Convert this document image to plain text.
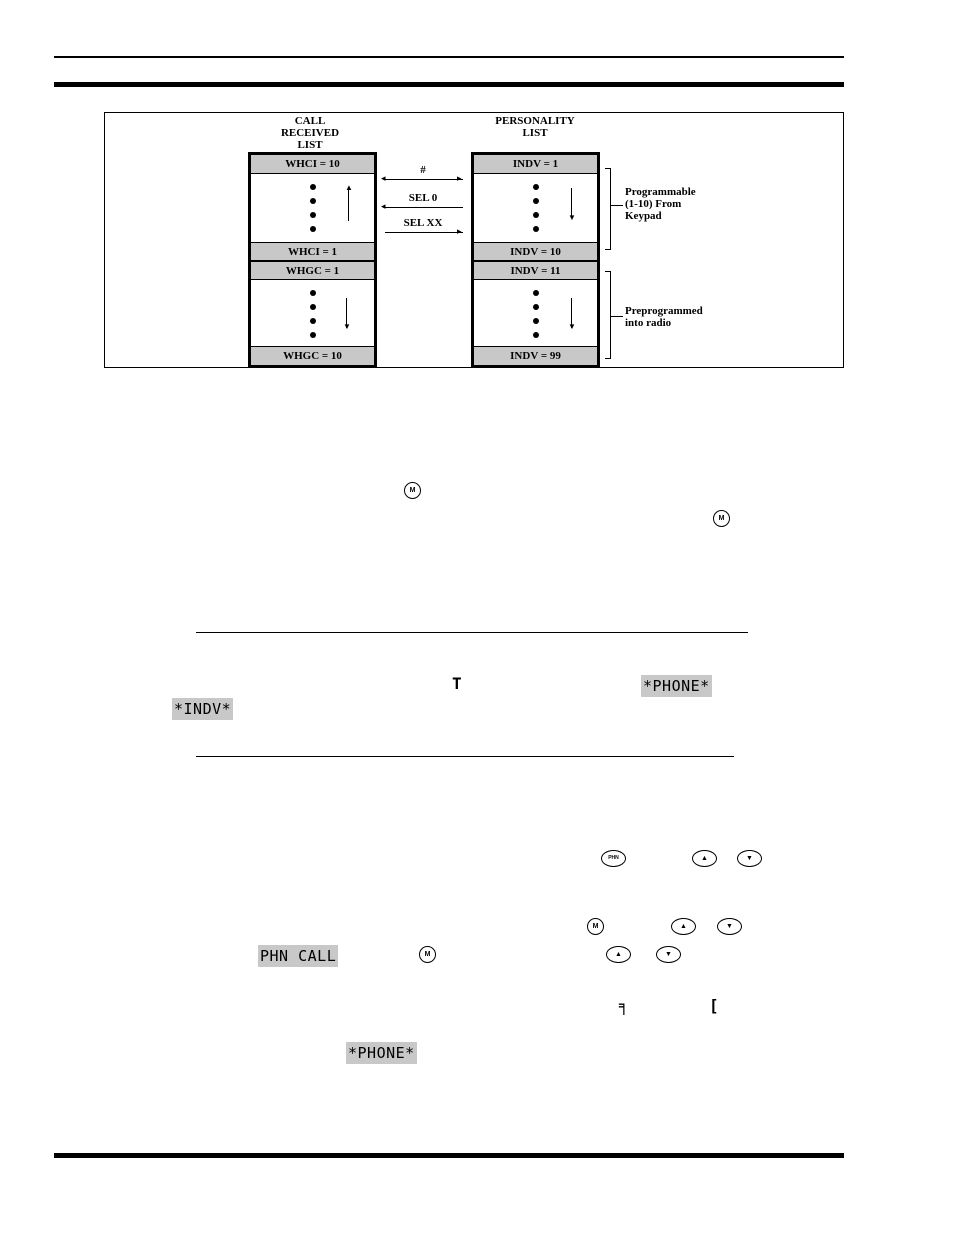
CALL
RECEIVED
LIST
PERSONALITY
LIST
WHCI = 10
▲
WHCI = 1
WHGC = 1
▼
WHGC = 10
#
◂	▸
SEL 0
◂
SEL XX
▸
INDV = 1
▼
INDV = 10
INDV = 11
▼
INDV = 99
Programmable
(1-10) From
Keypad
Preprogrammed
into radio
M
M
T	*PHONE*
*INDV*
PHN	▲	▼
M	▲	▼
PHN CALL	M	▲	▼
╕	[
*PHONE*
